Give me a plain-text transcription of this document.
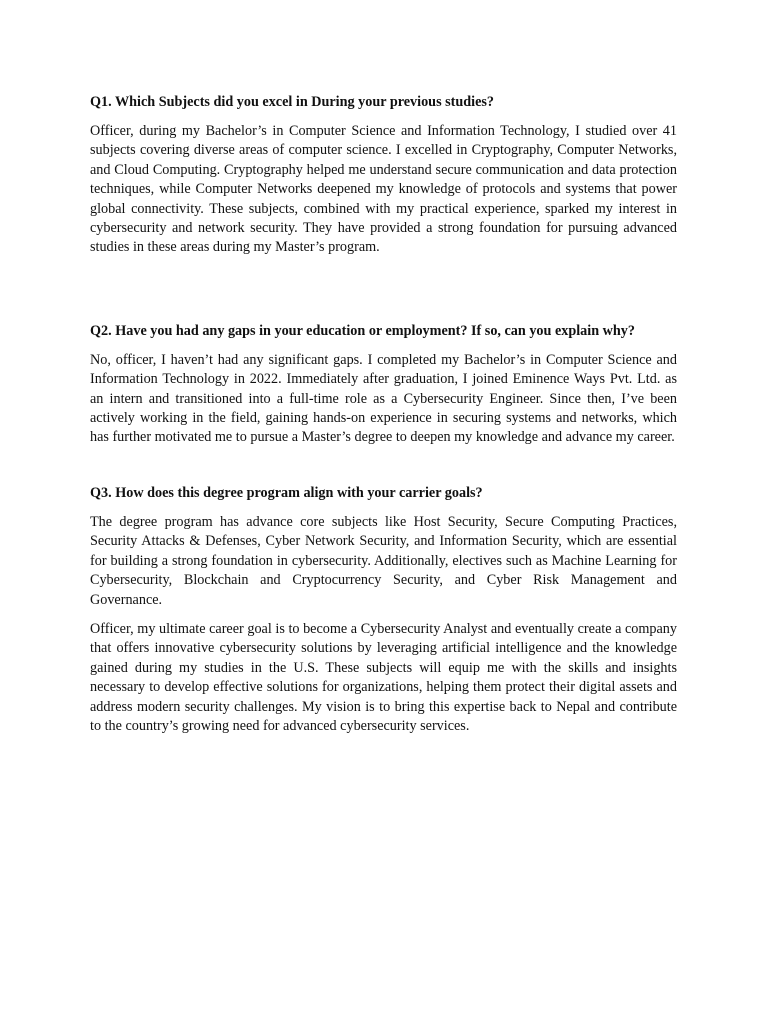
Q1. Which Subjects did you excel in During your previous studies?

Officer, during my Bachelor’s in Computer Science and Information Technology, I studied over 41 subjects covering diverse areas of computer science. I excelled in Cryptography, Computer Networks, and Cloud Computing. Cryptography helped me understand secure communication and data protection techniques, while Computer Networks deepened my knowledge of protocols and systems that power global connectivity. These subjects, combined with my practical experience, sparked my interest in cybersecurity and network security. They have provided a strong foundation for pursuing advanced studies in these areas during my Master’s program.

Q2. Have you had any gaps in your education or employment? If so, can you explain why?

No, officer, I haven’t had any significant gaps. I completed my Bachelor’s in Computer Science and Information Technology in 2022. Immediately after graduation, I joined Eminence Ways Pvt. Ltd. as an intern and transitioned into a full-time role as a Cybersecurity Engineer. Since then, I’ve been actively working in the field, gaining hands-on experience in securing systems and networks, which has further motivated me to pursue a Master’s degree to deepen my knowledge and advance my career.

Q3. How does this degree program align with your carrier goals?

The degree program has advance core subjects like Host Security, Secure Computing Practices, Security Attacks & Defenses, Cyber Network Security, and Information Security, which are essential for building a strong foundation in cybersecurity. Additionally, electives such as Machine Learning for Cybersecurity, Blockchain and Cryptocurrency Security, and Cyber Risk Management and Governance.

Officer, my ultimate career goal is to become a Cybersecurity Analyst and eventually create a company that offers innovative cybersecurity solutions by leveraging artificial intelligence and the knowledge gained during my studies in the U.S. These subjects will equip me with the skills and insights necessary to develop effective solutions for organizations, helping them protect their digital assets and address modern security challenges. My vision is to bring this expertise back to Nepal and contribute to the country’s growing need for advanced cybersecurity services.
